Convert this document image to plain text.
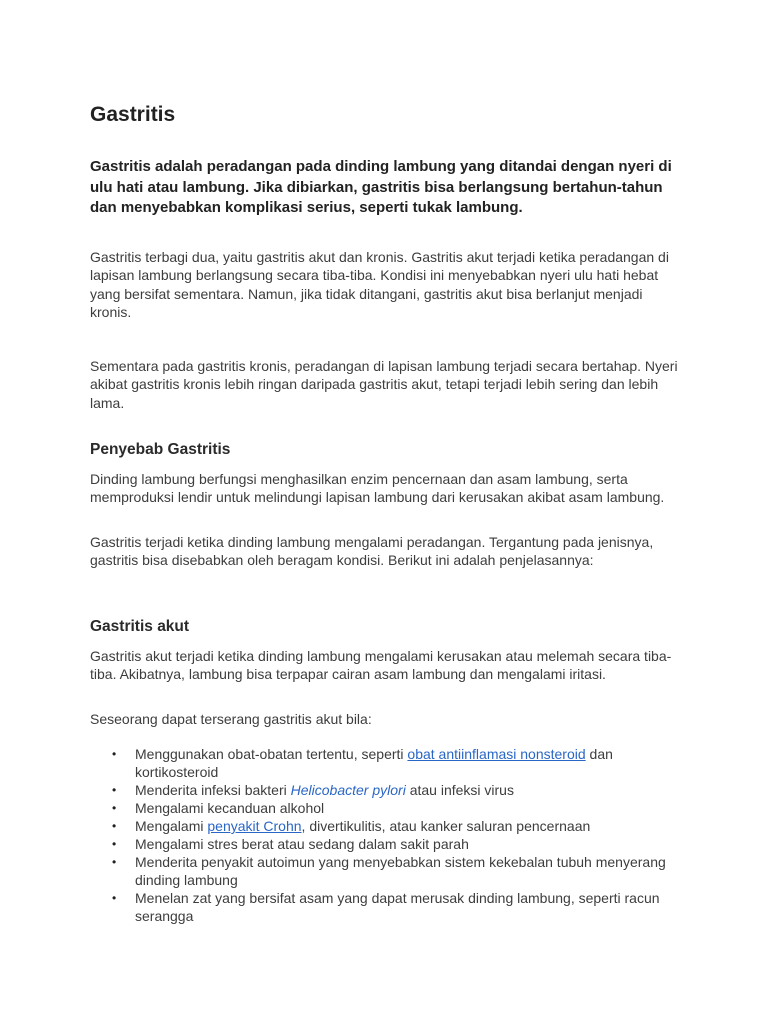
Gastritis

Gastritis adalah peradangan pada dinding lambung yang ditandai dengan nyeri di ulu hati atau lambung. Jika dibiarkan, gastritis bisa berlangsung bertahun-tahun dan menyebabkan komplikasi serius, seperti tukak lambung.

Gastritis terbagi dua, yaitu gastritis akut dan kronis. Gastritis akut terjadi ketika peradangan di lapisan lambung berlangsung secara tiba-tiba. Kondisi ini menyebabkan nyeri ulu hati hebat yang bersifat sementara. Namun, jika tidak ditangani, gastritis akut bisa berlanjut menjadi kronis.

Sementara pada gastritis kronis, peradangan di lapisan lambung terjadi secara bertahap. Nyeri akibat gastritis kronis lebih ringan daripada gastritis akut, tetapi terjadi lebih sering dan lebih lama.

Penyebab Gastritis

Dinding lambung berfungsi menghasilkan enzim pencernaan dan asam lambung, serta memproduksi lendir untuk melindungi lapisan lambung dari kerusakan akibat asam lambung.

Gastritis terjadi ketika dinding lambung mengalami peradangan. Tergantung pada jenisnya, gastritis bisa disebabkan oleh beragam kondisi. Berikut ini adalah penjelasannya:

Gastritis akut

Gastritis akut terjadi ketika dinding lambung mengalami kerusakan atau melemah secara tiba-tiba. Akibatnya, lambung bisa terpapar cairan asam lambung dan mengalami iritasi.

Seseorang dapat terserang gastritis akut bila:

• Menggunakan obat-obatan tertentu, seperti obat antiinflamasi nonsteroid dan kortikosteroid
• Menderita infeksi bakteri Helicobacter pylori atau infeksi virus
• Mengalami kecanduan alkohol
• Mengalami penyakit Crohn, divertikulitis, atau kanker saluran pencernaan
• Mengalami stres berat atau sedang dalam sakit parah
• Menderita penyakit autoimun yang menyebabkan sistem kekebalan tubuh menyerang dinding lambung
• Menelan zat yang bersifat asam yang dapat merusak dinding lambung, seperti racun serangga
